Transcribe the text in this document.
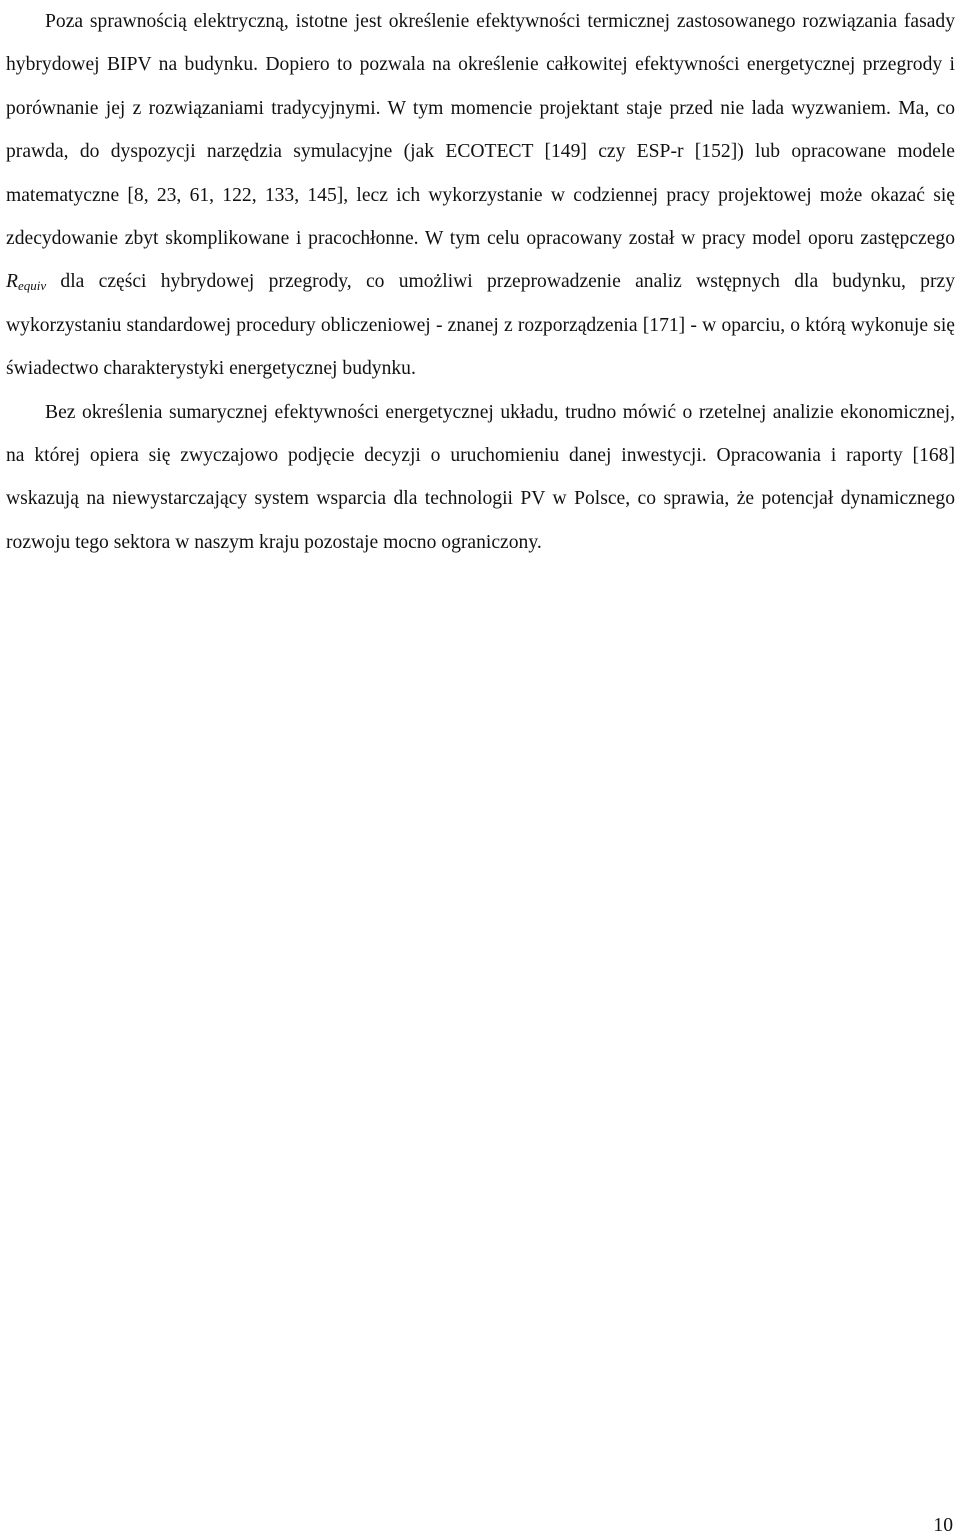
Poza sprawnością elektryczną, istotne jest określenie efektywności termicznej zastosowanego rozwiązania fasady hybrydowej BIPV na budynku. Dopiero to pozwala na określenie całkowitej efektywności energetycznej przegrody i porównanie jej z rozwiązaniami tradycyjnymi. W tym momencie projektant staje przed nie lada wyzwaniem. Ma, co prawda, do dyspozycji narzędzia symulacyjne (jak ECOTECT [149] czy ESP-r [152]) lub opracowane modele matematyczne [8, 23, 61, 122, 133, 145], lecz ich wykorzystanie w codziennej pracy projektowej może okazać się zdecydowanie zbyt skomplikowane i pracochłonne. W tym celu opracowany został w pracy model oporu zastępczego $R_{equiv}$ dla części hybrydowej przegrody, co umożliwi przeprowadzenie analiz wstępnych dla budynku, przy wykorzystaniu standardowej procedury obliczeniowej - znanej z rozporządzenia [171] - w oparciu, o którą wykonuje się świadectwo charakterystyki energetycznej budynku.

Bez określenia sumarycznej efektywności energetycznej układu, trudno mówić o rzetelnej analizie ekonomicznej, na której opiera się zwyczajowo podjęcie decyzji o uruchomieniu danej inwestycji. Opracowania i raporty [168] wskazują na niewystarczający system wsparcia dla technologii PV w Polsce, co sprawia, że potencjał dynamicznego rozwoju tego sektora w naszym kraju pozostaje mocno ograniczony.

10
